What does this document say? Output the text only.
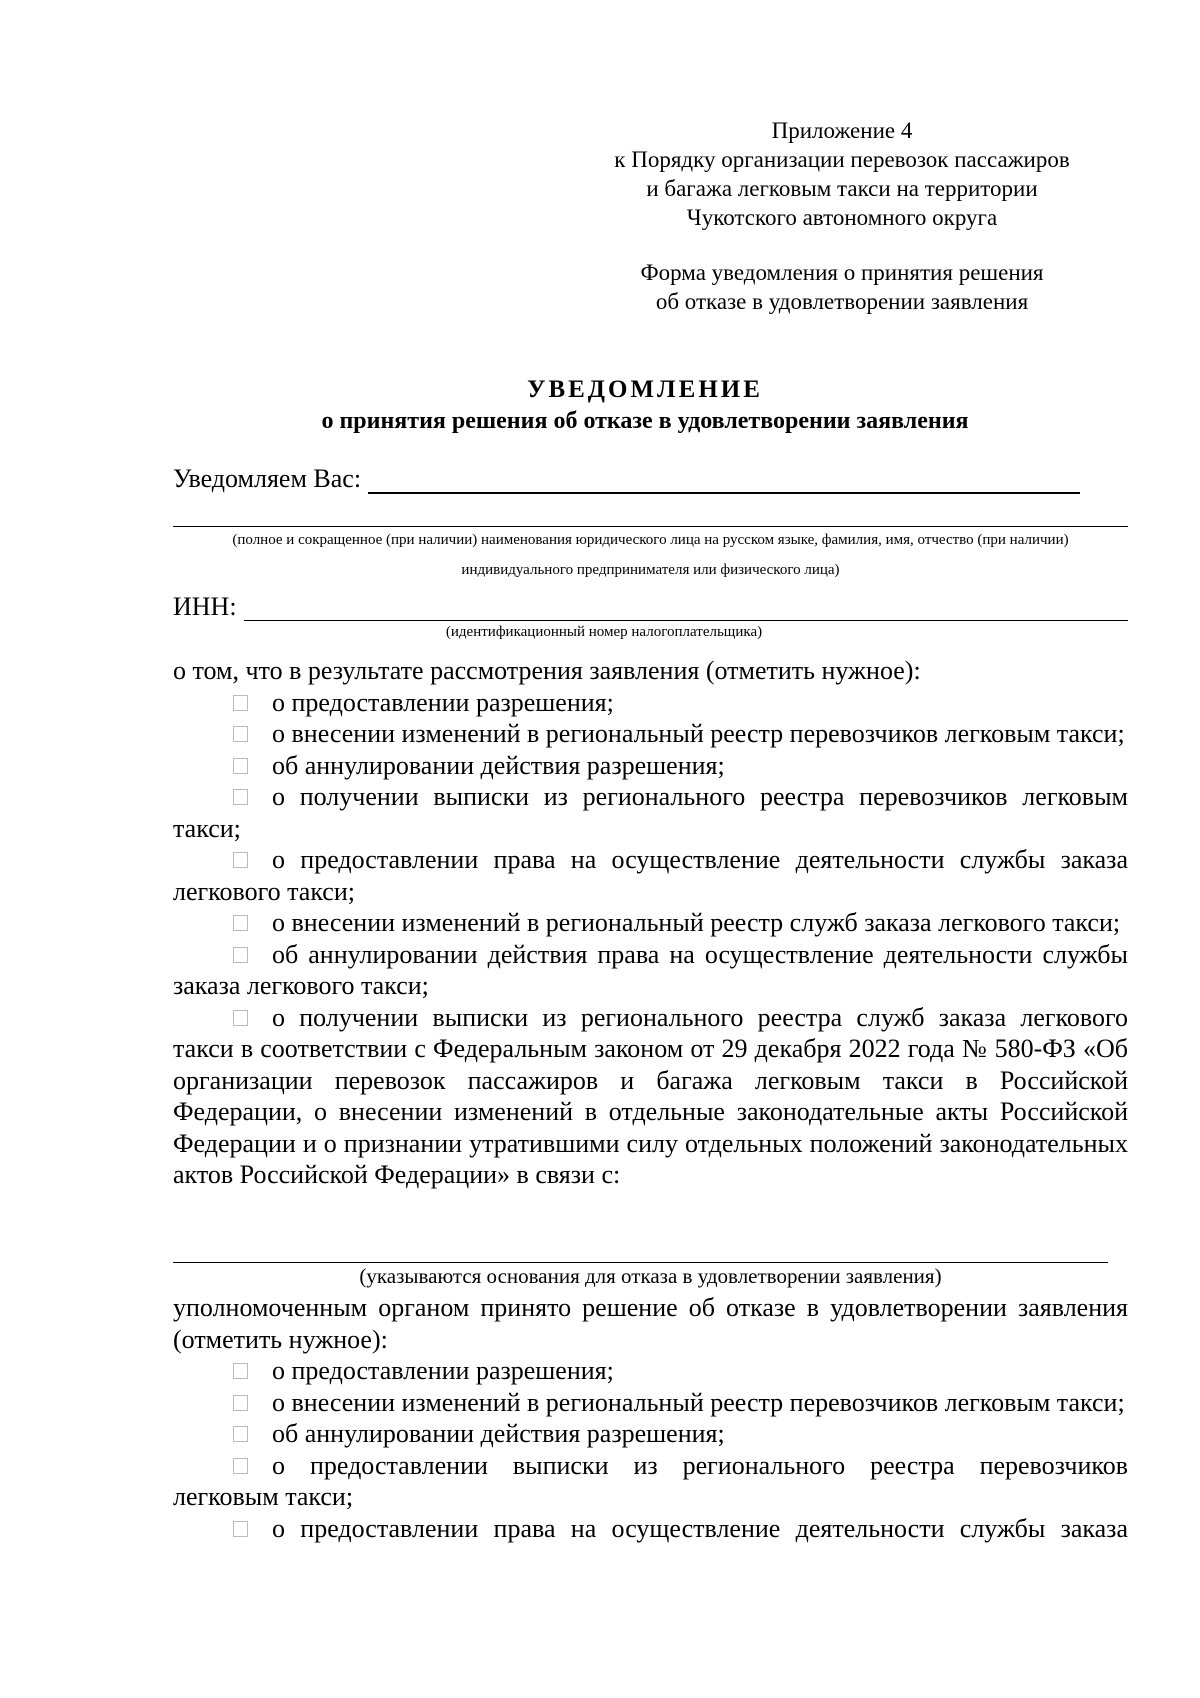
Приложение 4
к Порядку организации перевозок пассажиров
и багажа легковым такси на территории
Чукотского автономного округа
Форма уведомления о принятия решения
об отказе в удовлетворении заявления
УВЕДОМЛЕНИЕ
о принятия решения об отказе в удовлетворении заявления
Уведомляем Вас:
(полное и сокращенное (при наличии) наименования юридического лица на русском языке, фамилия, имя, отчество (при наличии)
индивидуального предпринимателя или физического лица)
ИНН:
(идентификационный номер налогоплательщика)

о том, что в результате рассмотрения заявления (отметить нужное):

о предоставлении разрешения;

о внесении изменений в региональный реестр перевозчиков легковым такси;

об аннулировании действия разрешения;

о получении выписки из регионального реестра перевозчиков легковым такси;

о предоставлении права на осуществление деятельности службы заказа легкового такси;

о внесении изменений в региональный реестр служб заказа легкового такси;

об аннулировании действия права на осуществление деятельности службы заказа легкового такси;

о получении выписки из регионального реестра служб заказа легкового такси в соответствии с Федеральным законом от 29 декабря 2022 года № 580-ФЗ «Об организации перевозок пассажиров и багажа легковым такси в Российской Федерации, о внесении изменений в отдельные законодательные акты Российской Федерации и о признании утратившими силу отдельных положений законодательных актов Российской Федерации» в связи с:

(указываются основания для отказа в удовлетворении заявления)

уполномоченным органом принято решение об отказе в удовлетворении заявления (отметить нужное):

о предоставлении разрешения;

о внесении изменений в региональный реестр перевозчиков легковым такси;

об аннулировании действия разрешения;

о предоставлении выписки из регионального реестра перевозчиков легковым такси;

о предоставлении права на осуществление деятельности службы заказа
